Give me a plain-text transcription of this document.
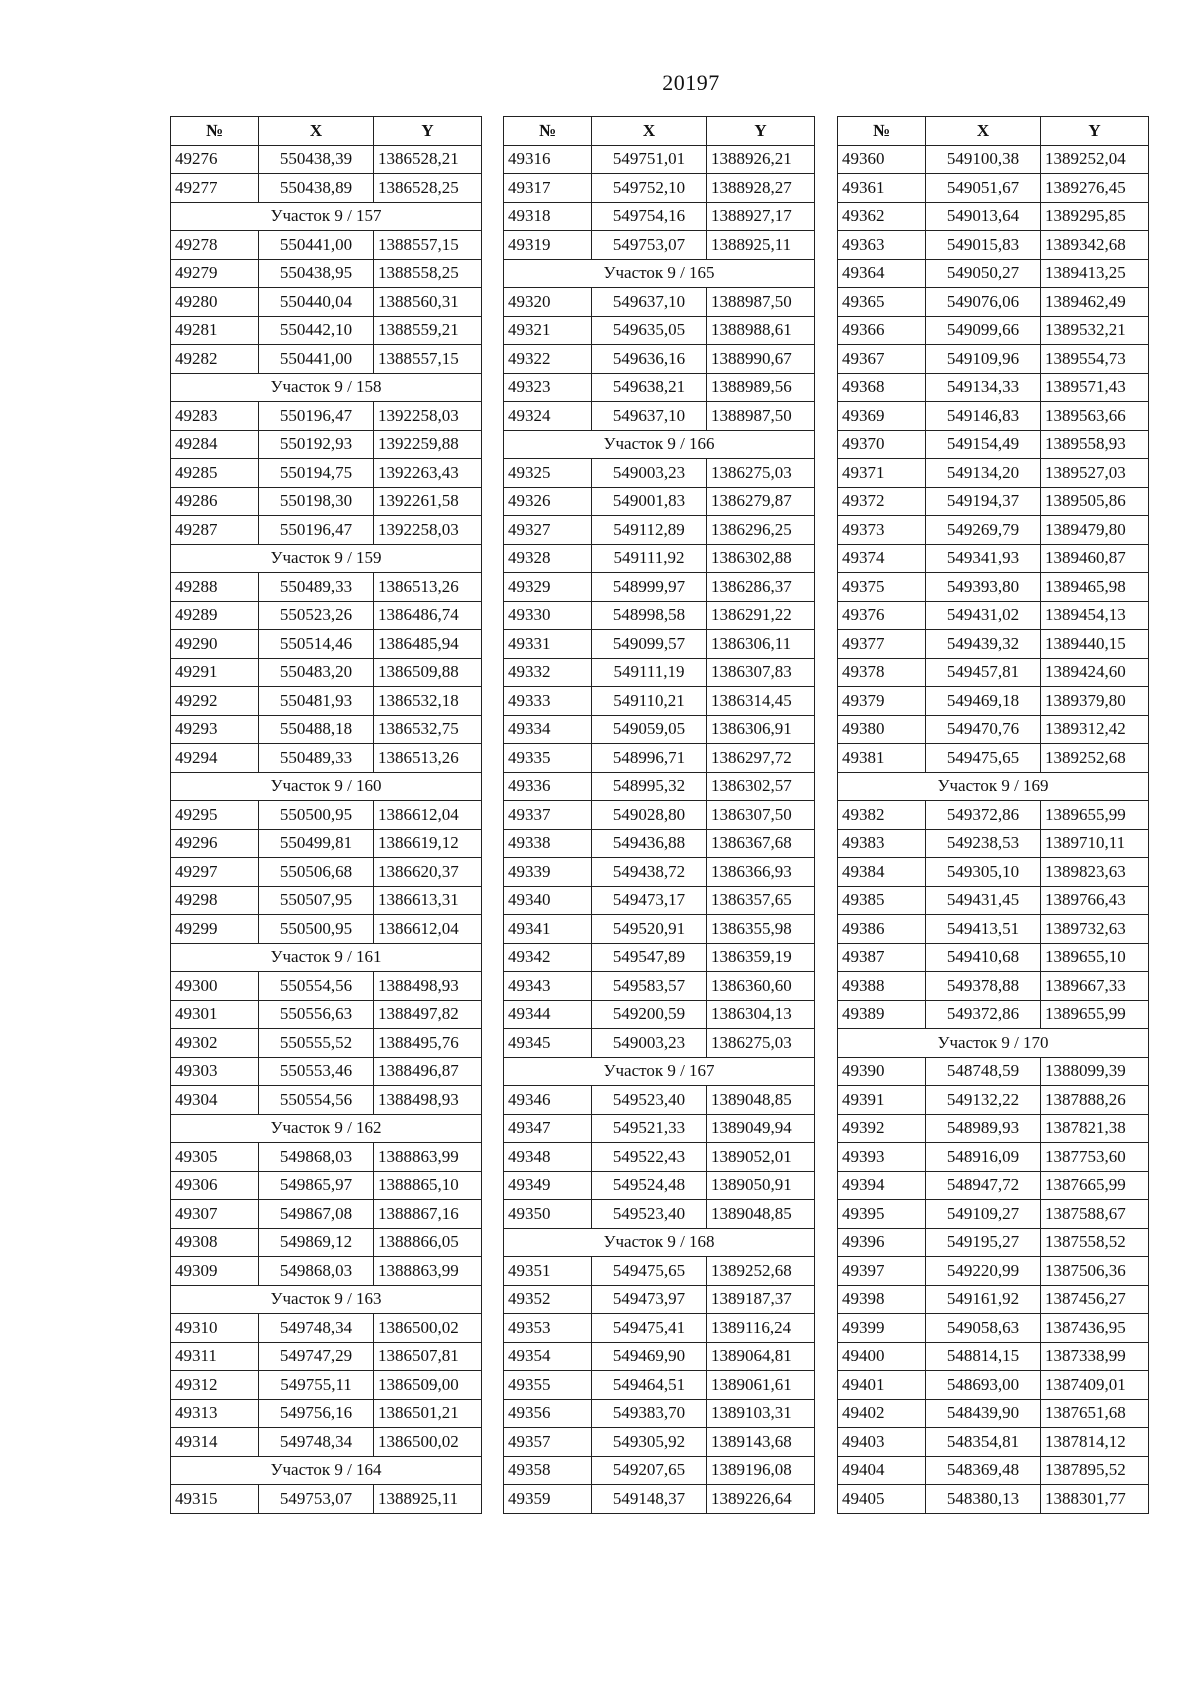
20197
№	X	Y
49276	550438,39	1386528,21
49277	550438,89	1386528,25
Участок 9 / 157		
49278	550441,00	1388557,15
49279	550438,95	1388558,25
49280	550440,04	1388560,31
49281	550442,10	1388559,21
49282	550441,00	1388557,15
Участок 9 / 158		
49283	550196,47	1392258,03
49284	550192,93	1392259,88
49285	550194,75	1392263,43
49286	550198,30	1392261,58
49287	550196,47	1392258,03
Участок 9 / 159		
49288	550489,33	1386513,26
49289	550523,26	1386486,74
49290	550514,46	1386485,94
49291	550483,20	1386509,88
49292	550481,93	1386532,18
49293	550488,18	1386532,75
49294	550489,33	1386513,26
Участок 9 / 160		
49295	550500,95	1386612,04
49296	550499,81	1386619,12
49297	550506,68	1386620,37
49298	550507,95	1386613,31
49299	550500,95	1386612,04
Участок 9 / 161		
49300	550554,56	1388498,93
49301	550556,63	1388497,82
49302	550555,52	1388495,76
49303	550553,46	1388496,87
49304	550554,56	1388498,93
Участок 9 / 162		
49305	549868,03	1388863,99
49306	549865,97	1388865,10
49307	549867,08	1388867,16
49308	549869,12	1388866,05
49309	549868,03	1388863,99
Участок 9 / 163		
49310	549748,34	1386500,02
49311	549747,29	1386507,81
49312	549755,11	1386509,00
49313	549756,16	1386501,21
49314	549748,34	1386500,02
Участок 9 / 164		
49315	549753,07	1388925,11
№	X	Y
49316	549751,01	1388926,21
49317	549752,10	1388928,27
49318	549754,16	1388927,17
49319	549753,07	1388925,11
Участок 9 / 165		
49320	549637,10	1388987,50
49321	549635,05	1388988,61
49322	549636,16	1388990,67
49323	549638,21	1388989,56
49324	549637,10	1388987,50
Участок 9 / 166		
49325	549003,23	1386275,03
49326	549001,83	1386279,87
49327	549112,89	1386296,25
49328	549111,92	1386302,88
49329	548999,97	1386286,37
49330	548998,58	1386291,22
49331	549099,57	1386306,11
49332	549111,19	1386307,83
49333	549110,21	1386314,45
49334	549059,05	1386306,91
49335	548996,71	1386297,72
49336	548995,32	1386302,57
49337	549028,80	1386307,50
49338	549436,88	1386367,68
49339	549438,72	1386366,93
49340	549473,17	1386357,65
49341	549520,91	1386355,98
49342	549547,89	1386359,19
49343	549583,57	1386360,60
49344	549200,59	1386304,13
49345	549003,23	1386275,03
Участок 9 / 167		
49346	549523,40	1389048,85
49347	549521,33	1389049,94
49348	549522,43	1389052,01
49349	549524,48	1389050,91
49350	549523,40	1389048,85
Участок 9 / 168		
49351	549475,65	1389252,68
49352	549473,97	1389187,37
49353	549475,41	1389116,24
49354	549469,90	1389064,81
49355	549464,51	1389061,61
49356	549383,70	1389103,31
49357	549305,92	1389143,68
49358	549207,65	1389196,08
49359	549148,37	1389226,64
№	X	Y
49360	549100,38	1389252,04
49361	549051,67	1389276,45
49362	549013,64	1389295,85
49363	549015,83	1389342,68
49364	549050,27	1389413,25
49365	549076,06	1389462,49
49366	549099,66	1389532,21
49367	549109,96	1389554,73
49368	549134,33	1389571,43
49369	549146,83	1389563,66
49370	549154,49	1389558,93
49371	549134,20	1389527,03
49372	549194,37	1389505,86
49373	549269,79	1389479,80
49374	549341,93	1389460,87
49375	549393,80	1389465,98
49376	549431,02	1389454,13
49377	549439,32	1389440,15
49378	549457,81	1389424,60
49379	549469,18	1389379,80
49380	549470,76	1389312,42
49381	549475,65	1389252,68
Участок 9 / 169		
49382	549372,86	1389655,99
49383	549238,53	1389710,11
49384	549305,10	1389823,63
49385	549431,45	1389766,43
49386	549413,51	1389732,63
49387	549410,68	1389655,10
49388	549378,88	1389667,33
49389	549372,86	1389655,99
Участок 9 / 170		
49390	548748,59	1388099,39
49391	549132,22	1387888,26
49392	548989,93	1387821,38
49393	548916,09	1387753,60
49394	548947,72	1387665,99
49395	549109,27	1387588,67
49396	549195,27	1387558,52
49397	549220,99	1387506,36
49398	549161,92	1387456,27
49399	549058,63	1387436,95
49400	548814,15	1387338,99
49401	548693,00	1387409,01
49402	548439,90	1387651,68
49403	548354,81	1387814,12
49404	548369,48	1387895,52
49405	548380,13	1388301,77
